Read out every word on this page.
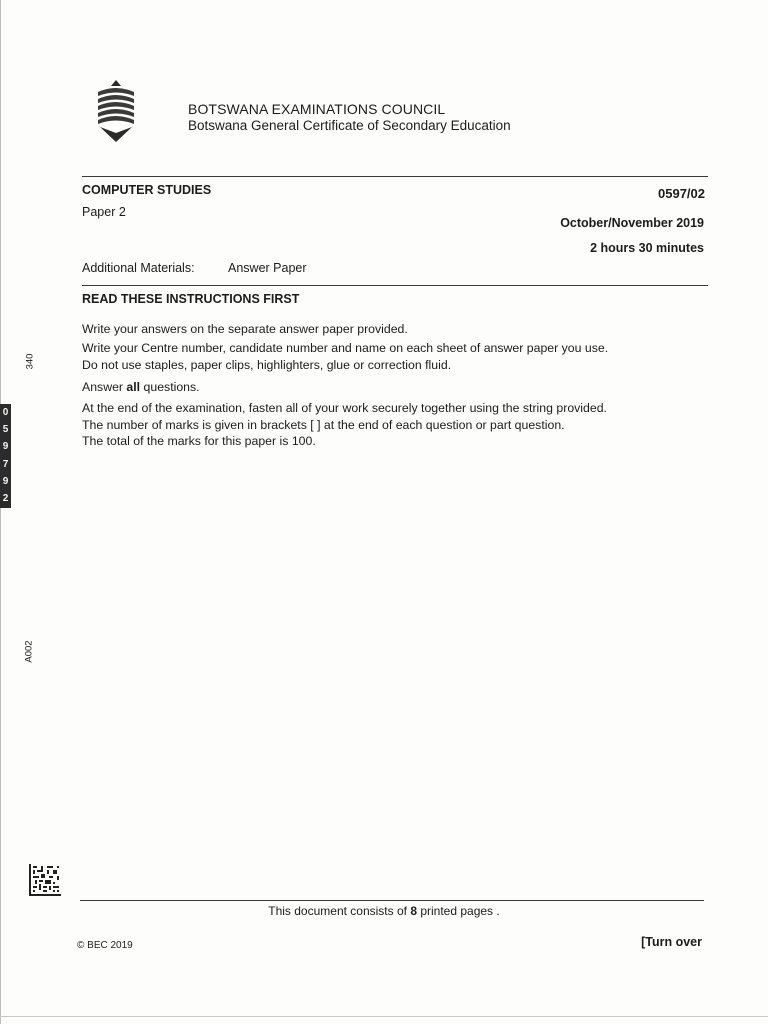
BOTSWANA EXAMINATIONS COUNCIL
Botswana General Certificate of Secondary Education
COMPUTER STUDIES
Paper 2
0597/02
October/November 2019
2 hours 30 minutes
Additional Materials:	Answer Paper
READ THESE INSTRUCTIONS FIRST
Write your answers on the separate answer paper provided.
Write your Centre number, candidate number and name on each sheet of answer paper you use.
Do not use staples, paper clips, highlighters, glue or correction fluid.
Answer all questions.
At the end of the examination, fasten all of your work securely together using the string provided.
The number of marks is given in brackets [ ] at the end of each question or part question.
The total of the marks for this paper is 100.
340
0
5
9
7
9
2
A002
This document consists of 8 printed pages .
© BEC 2019	[Turn over
